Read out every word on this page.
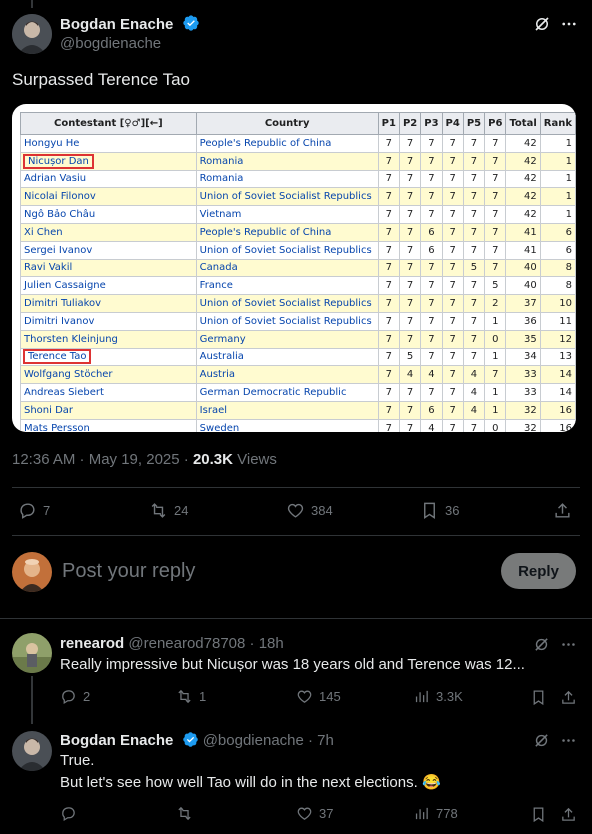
Bogdan Enache
@bogdienache
Surpassed Terence Tao
Contestant [♀♂][←]	Country	P1	P2	P3	P4	P5	P6	Total	Rank
Hongyu He	People's Republic of China	7	7	7	7	7	7	42	1
Nicușor Dan	Romania	7	7	7	7	7	7	42	1
Adrian Vasiu	Romania	7	7	7	7	7	7	42	1
Nicolai Filonov	Union of Soviet Socialist Republics	7	7	7	7	7	7	42	1
Ngô Bảo Châu	Vietnam	7	7	7	7	7	7	42	1
Xi Chen	People's Republic of China	7	7	6	7	7	7	41	6
Sergei Ivanov	Union of Soviet Socialist Republics	7	7	6	7	7	7	41	6
Ravi Vakil	Canada	7	7	7	7	5	7	40	8
Julien Cassaigne	France	7	7	7	7	7	5	40	8
Dimitri Tuliakov	Union of Soviet Socialist Republics	7	7	7	7	7	2	37	10
Dimitri Ivanov	Union of Soviet Socialist Republics	7	7	7	7	7	1	36	11
Thorsten Kleinjung	Germany	7	7	7	7	7	0	35	12
Terence Tao	Australia	7	5	7	7	7	1	34	13
Wolfgang Stöcher	Austria	7	4	4	7	4	7	33	14
Andreas Siebert	German Democratic Republic	7	7	7	7	4	1	33	14
Shoni Dar	Israel	7	7	6	7	4	1	32	16
Mats Persson	Sweden	7	7	4	7	7	0	32	16
12:36 AM · May 19, 2025 · 20.3K Views
7	24	384	36
Post your reply	Reply
renearod @renearod78708 · 18h
Really impressive but Nicușor was 18 years old and Terence was 12...
2	1	145	3.3K
Bogdan Enache @bogdienache · 7h
True.
But let's see how well Tao will do in the next elections. 😂
37	778
